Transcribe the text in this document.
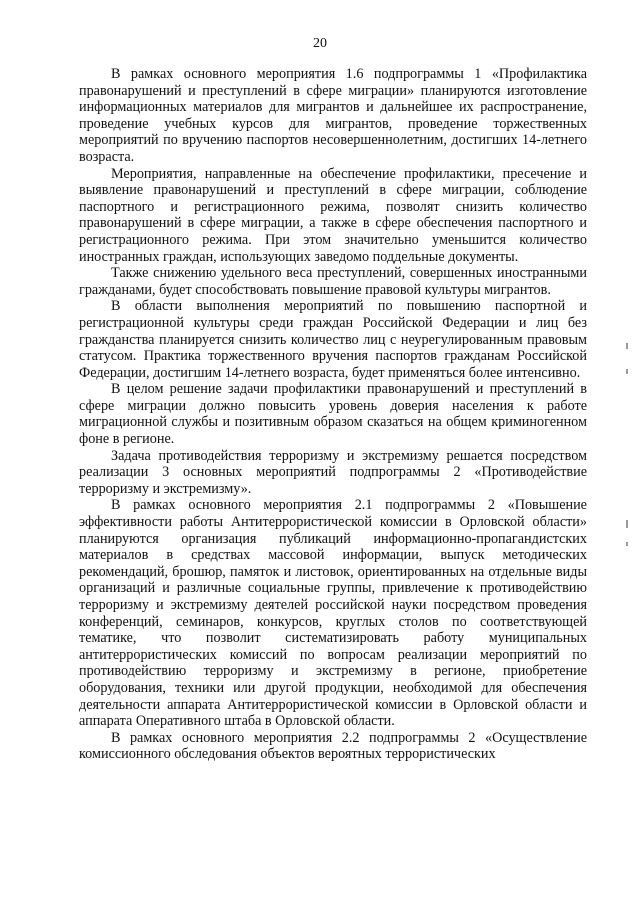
20

В рамках основного мероприятия 1.6 подпрограммы 1 «Профилактика правонарушений и преступлений в сфере миграции» планируются изготовление информационных материалов для мигрантов и дальнейшее их распространение, проведение учебных курсов для мигрантов, проведение торжественных мероприятий по вручению паспортов несовершеннолетним, достигших 14-летнего возраста.

Мероприятия, направленные на обеспечение профилактики, пресечение и выявление правонарушений и преступлений в сфере миграции, соблюдение паспортного и регистрационного режима, позволят снизить количество правонарушений в сфере миграции, а также в сфере обеспечения паспортного и регистрационного режима. При этом значительно уменьшится количество иностранных граждан, использующих заведомо поддельные документы.

Также снижению удельного веса преступлений, совершенных иностранными гражданами, будет способствовать повышение правовой культуры мигрантов.

В области выполнения мероприятий по повышению паспортной и регистрационной культуры среди граждан Российской Федерации и лиц без гражданства планируется снизить количество лиц с неурегулированным правовым статусом. Практика торжественного вручения паспортов гражданам Российской Федерации, достигшим 14-летнего возраста, будет применяться более интенсивно.

В целом решение задачи профилактики правонарушений и преступлений в сфере миграции должно повысить уровень доверия населения к работе миграционной службы и позитивным образом сказаться на общем криминогенном фоне в регионе.

Задача противодействия терроризму и экстремизму решается посредством реализации 3 основных мероприятий подпрограммы 2 «Противодействие терроризму и экстремизму».

В рамках основного мероприятия 2.1 подпрограммы 2 «Повышение эффективности работы Антитеррористической комиссии в Орловской области» планируются организация публикаций информационно-пропагандистских материалов в средствах массовой информации, выпуск методических рекомендаций, брошюр, памяток и листовок, ориентированных на отдельные виды организаций и различные социальные группы, привлечение к противодействию терроризму и экстремизму деятелей российской науки посредством проведения конференций, семинаров, конкурсов, круглых столов по соответствующей тематике, что позволит систематизировать работу муниципальных антитеррористических комиссий по вопросам реализации мероприятий по противодействию терроризму и экстремизму в регионе, приобретение оборудования, техники или другой продукции, необходимой для обеспечения деятельности аппарата Антитеррористической комиссии в Орловской области и аппарата Оперативного штаба в Орловской области.

В рамках основного мероприятия 2.2 подпрограммы 2 «Осуществление комиссионного обследования объектов вероятных террористических
